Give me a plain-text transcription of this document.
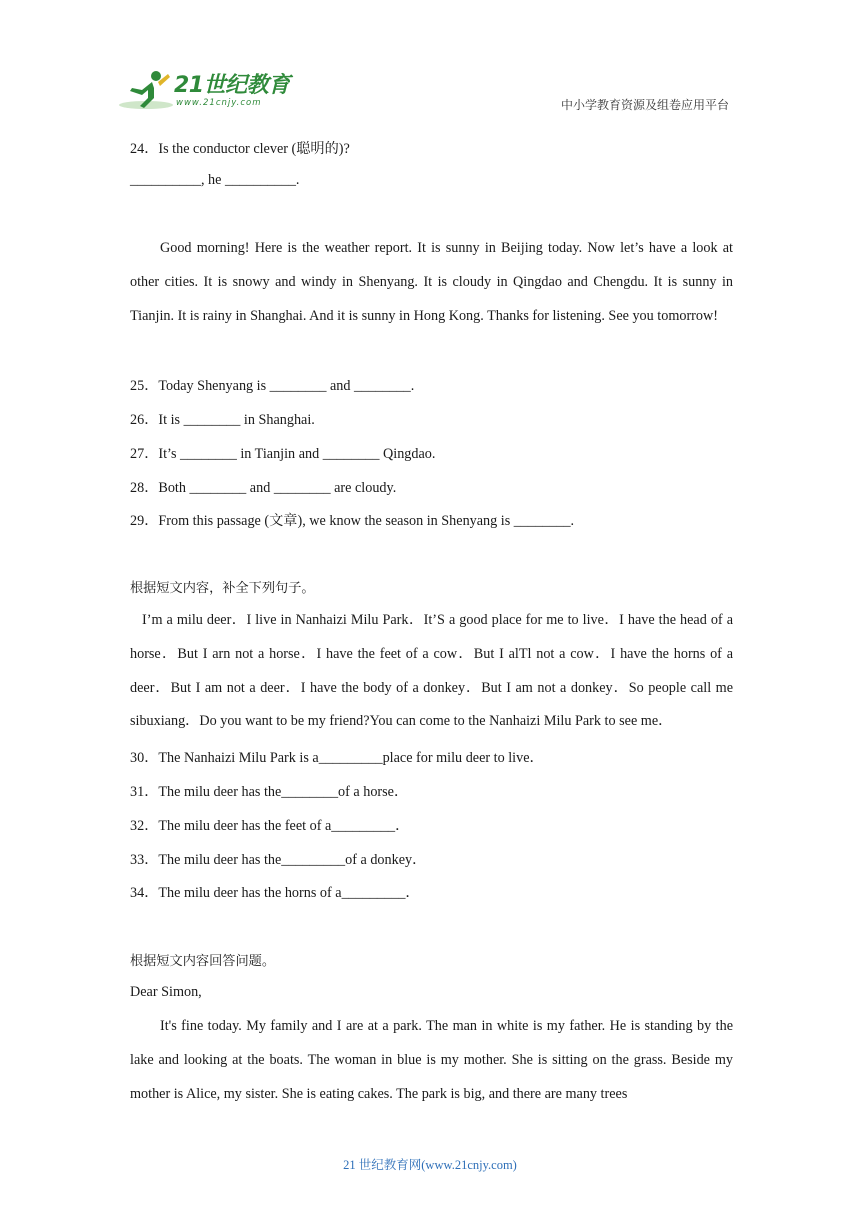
21世纪教育
www.21cnjy.com	中小学教育资源及组卷应用平台
24．Is the conductor clever (聪明的)?
__________, he __________.
Good morning! Here is the weather report. It is sunny in Beijing today. Now let’s have a look at other cities. It is snowy and windy in Shenyang. It is cloudy in Qingdao and Chengdu. It is sunny in Tianjin. It is rainy in Shanghai. And it is sunny in Hong Kong. Thanks for listening. See you tomorrow!
25．Today Shenyang is ________ and ________.
26．It is ________ in Shanghai.
27．It’s ________ in Tianjin and ________ Qingdao.
28．Both ________ and ________ are cloudy.
29．From this passage (文章), we know the season in Shenyang is ________.
根据短文内容，补全下列句子。
I’m a milu deer．I live in Nanhaizi Milu Park．It’S a good place for me to live．I have the head of a horse．But I arn not a horse．I have the feet of a cow．But I alTl not a cow．I have the horns of a deer．But I am not a deer．I have the body of a donkey．But I am not a donkey．So people call me sibuxiang．Do you want to be my friend?You can come to the Nanhaizi Milu Park to see me．
30．The Nanhaizi Milu Park is a_________place for milu deer to live．
31．The milu deer has the________of a horse．
32．The milu deer has the feet of a_________．
33．The milu deer has the_________of a donkey．
34．The milu deer has the horns of a_________．
根据短文内容回答问题。
Dear Simon,
It's fine today. My family and I are at a park. The man in white is my father. He is standing by the lake and looking at the boats. The woman in blue is my mother. She is sitting on the grass. Beside my mother is Alice, my sister. She is eating cakes. The park is big, and there are many trees
21 世纪教育网(www.21cnjy.com)
